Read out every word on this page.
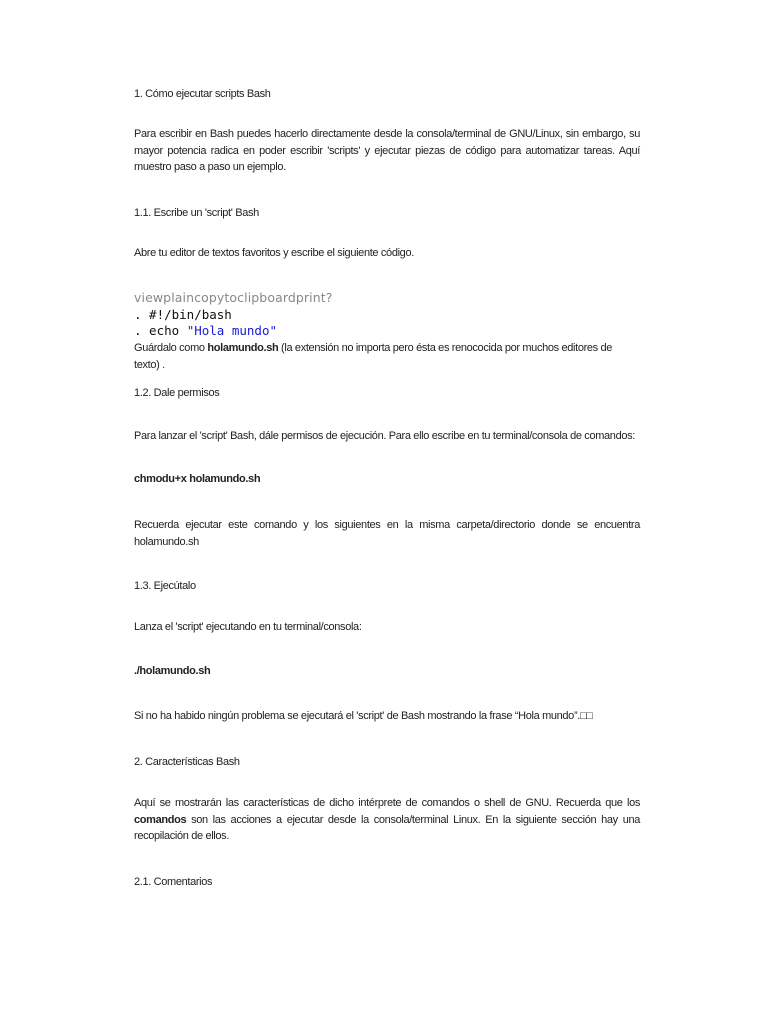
1. Cómo ejecutar scripts Bash
Para escribir en Bash puedes hacerlo directamente desde la consola/terminal de GNU/Linux, sin embargo, su mayor potencia radica en poder escribir 'scripts' y ejecutar piezas de código para automatizar tareas. Aquí muestro paso a paso un ejemplo.
1.1. Escribe un 'script' Bash
Abre tu editor de textos favoritos y escribe el siguiente código.
viewplaincopytoclipboardprint?
. #!/bin/bash
. echo "Hola mundo"
Guárdalo como holamundo.sh (la extensión no importa pero ésta es renococida por muchos editores de texto) .
1.2. Dale permisos
Para lanzar el 'script' Bash, dále permisos de ejecución. Para ello escribe en tu terminal/consola de comandos:
chmodu+x holamundo.sh
Recuerda ejecutar este comando y los siguientes en la misma carpeta/directorio donde se encuentra holamundo.sh
1.3. Ejecútalo
Lanza el 'script' ejecutando en tu terminal/consola:
./holamundo.sh
Si no ha habido ningún problema se ejecutará el 'script' de Bash mostrando la frase “Hola mundo”.□□
2. Características Bash
Aquí se mostrarán las características de dicho intérprete de comandos o shell de GNU. Recuerda que los comandos son las acciones a ejecutar desde la consola/terminal Linux. En la siguiente sección hay una recopilación de ellos.
2.1. Comentarios
